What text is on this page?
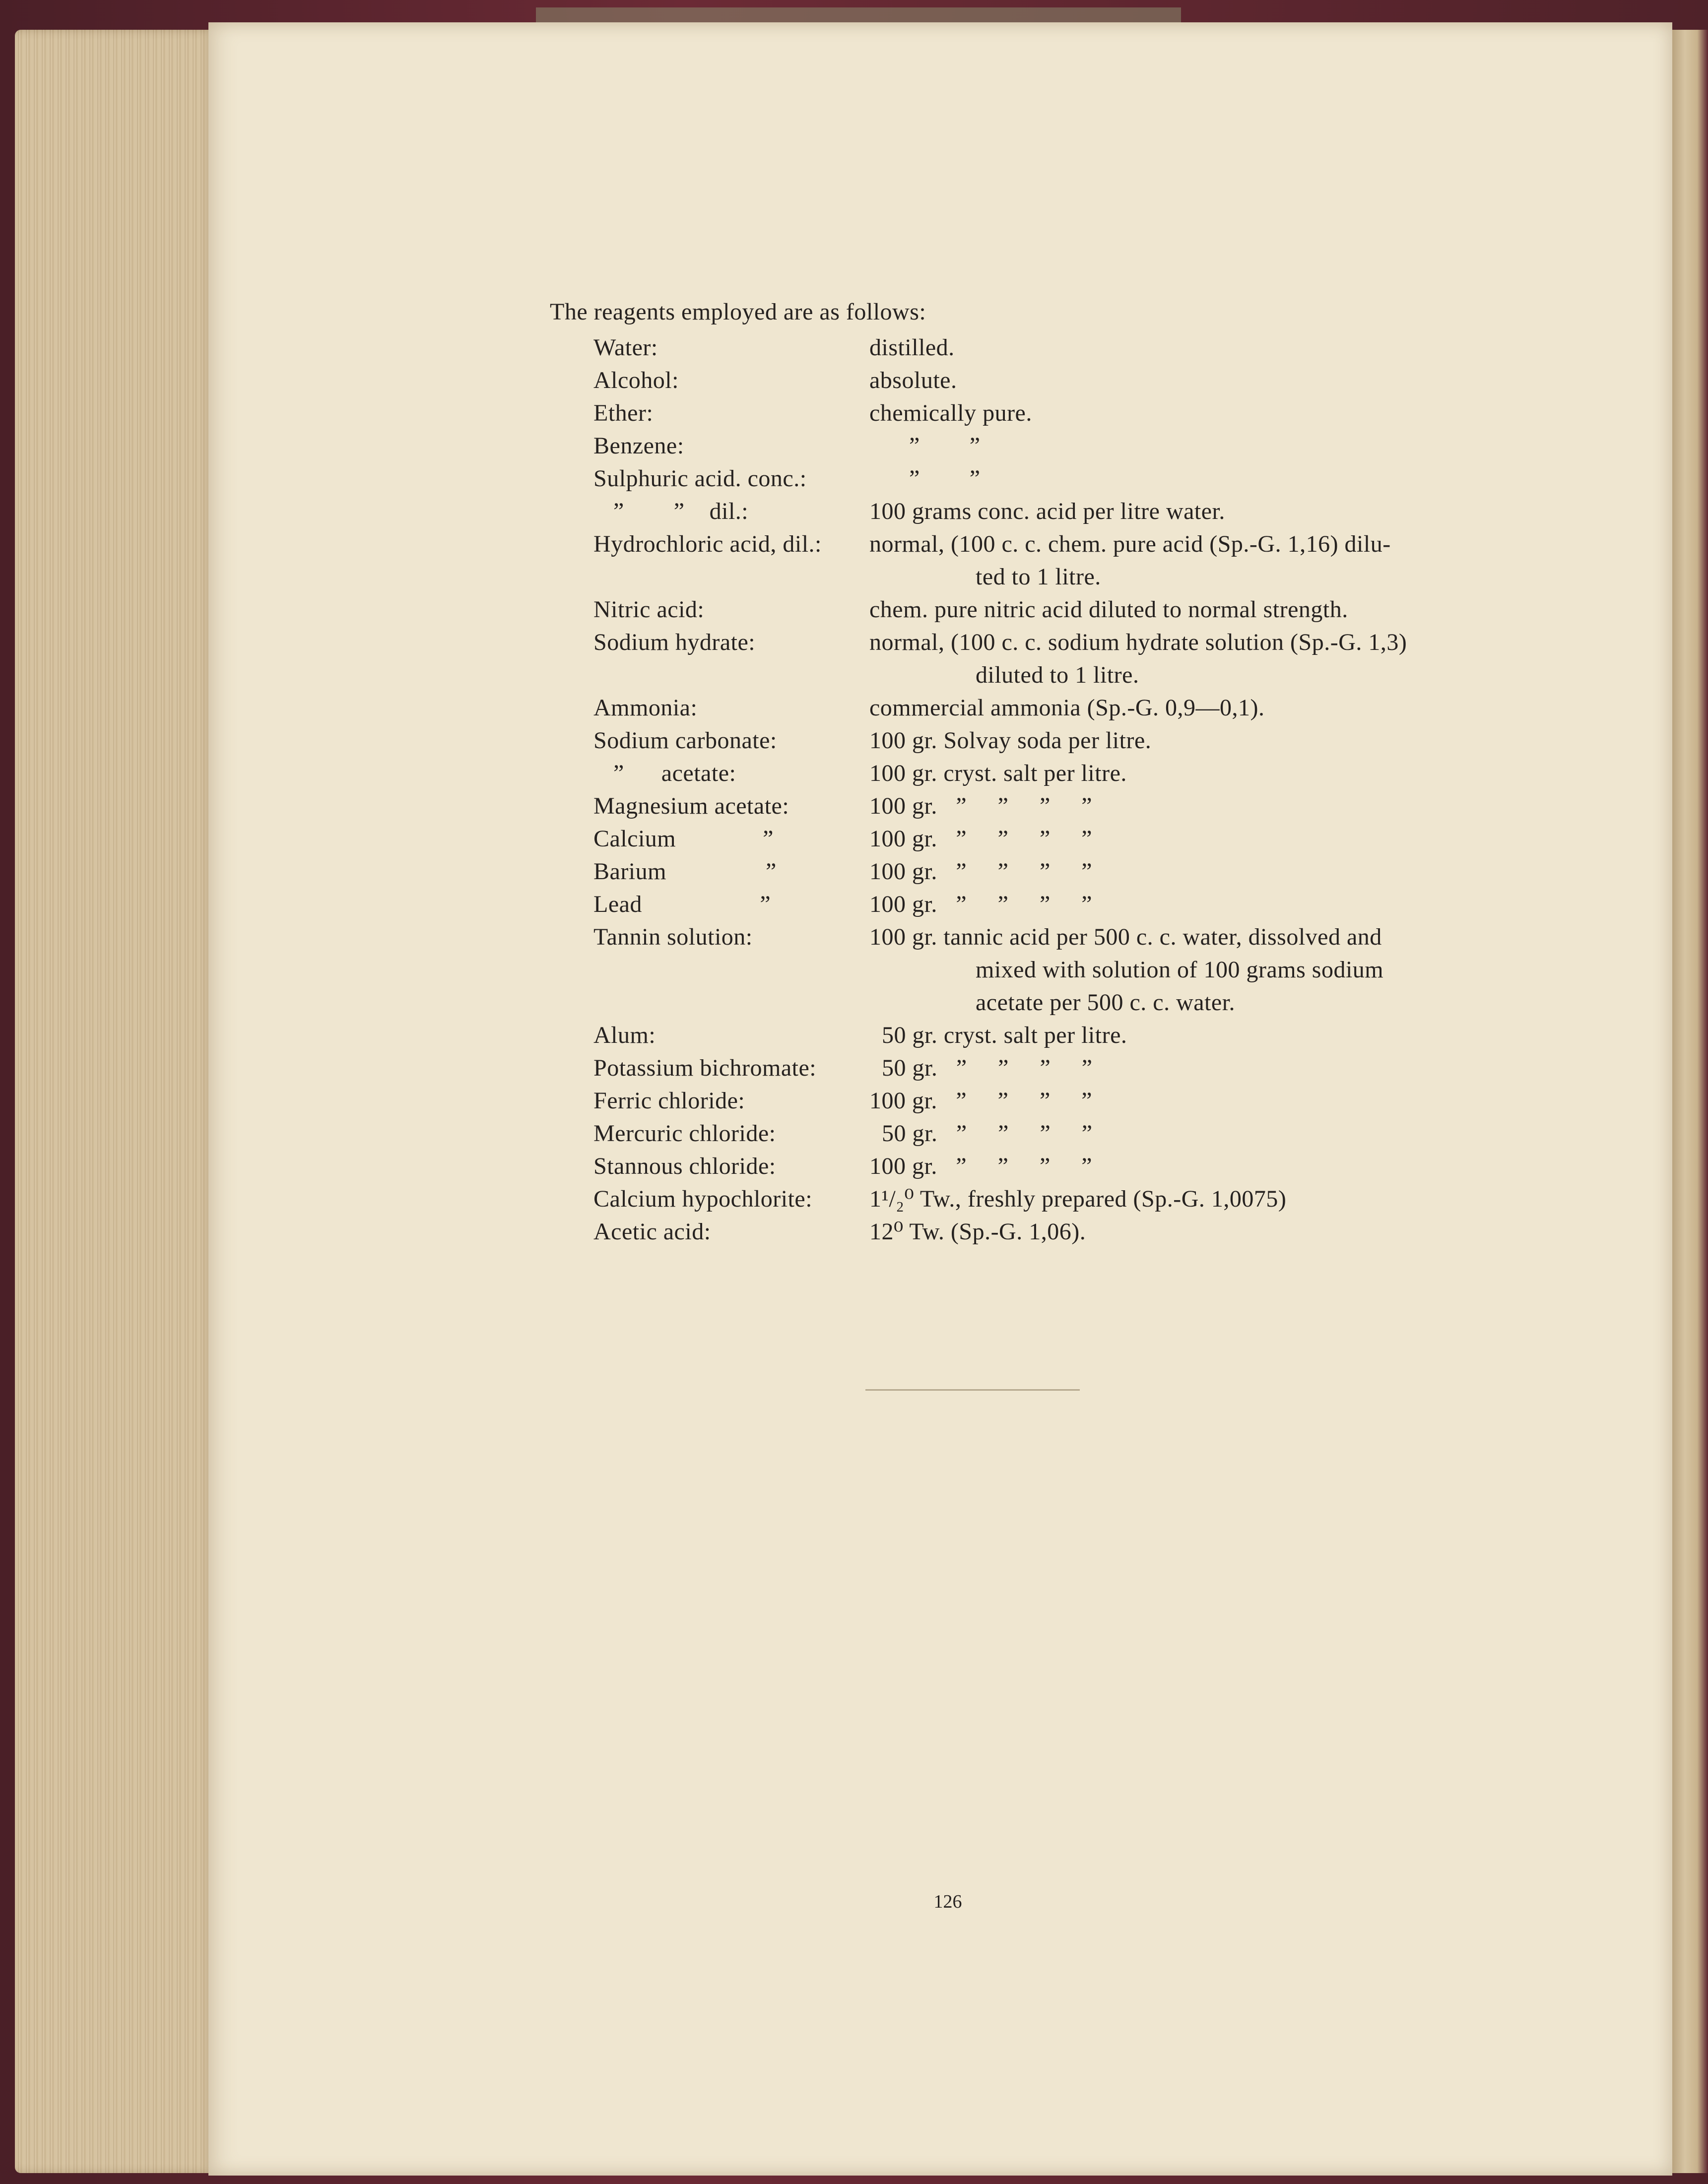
The reagents employed are as follows:
Water:	distilled.
Alcohol:	absolute.
Ether:	chemically pure.
Benzene:	”        ”
Sulphuric acid. conc.:	”        ”
”        ”    dil.:	100 grams conc. acid per litre water.
Hydrochloric acid, dil.:	normal, (100 c. c. chem. pure acid (Sp.-G. 1,16) dilu-
ted to 1 litre.
Nitric acid:	chem. pure nitric acid diluted to normal strength.
Sodium hydrate:	normal, (100 c. c. sodium hydrate solution (Sp.-G. 1,3)
diluted to 1 litre.
Ammonia:	commercial ammonia (Sp.-G. 0,9—0,1).
Sodium carbonate:	100 gr. Solvay soda per litre.
”      acetate:	100 gr. cryst. salt per litre.
Magnesium acetate:	100 gr.   ”     ”     ”     ”
Calcium              ”	100 gr.   ”     ”     ”     ”
Barium                ”	100 gr.   ”     ”     ”     ”
Lead                   ”	100 gr.   ”     ”     ”     ”
Tannin solution:	100 gr. tannic acid per 500 c. c. water, dissolved and
mixed with solution of 100 grams sodium
acetate per 500 c. c. water.
Alum:	50 gr. cryst. salt per litre.
Potassium bichromate:	50 gr.   ”     ”     ”     ”
Ferric chloride:	100 gr.   ”     ”     ”     ”
Mercuric chloride:	50 gr.   ”     ”     ”     ”
Stannous chloride:	100 gr.   ”     ”     ”     ”
Calcium hypochlorite:	1¹/₂⁰ Tw., freshly prepared (Sp.-G. 1,0075)
Acetic acid:	12⁰ Tw. (Sp.-G. 1,06).
126
